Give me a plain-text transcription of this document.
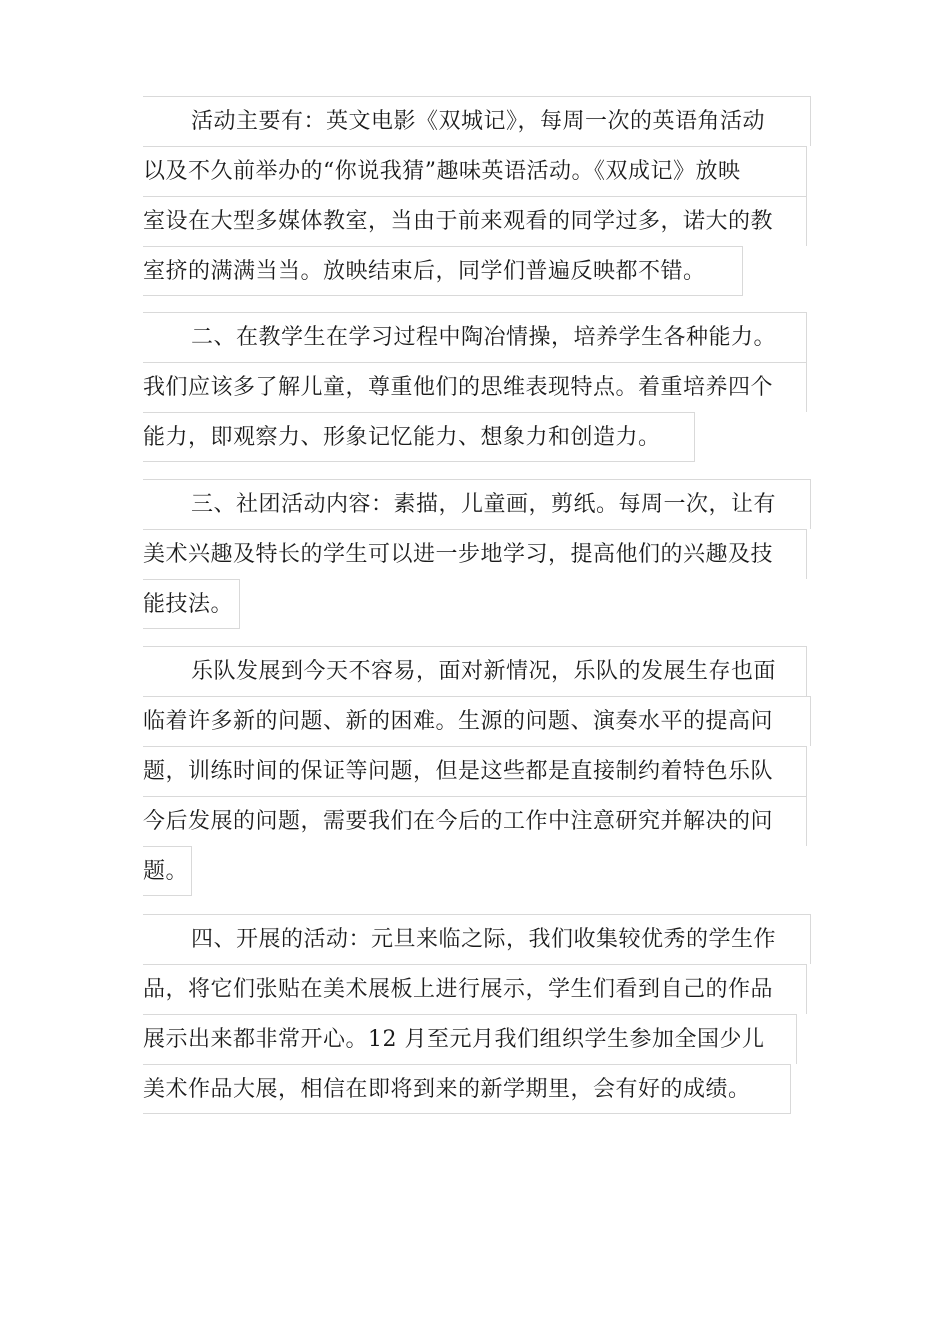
活动主要有：英文电影《双城记》，每周一次的英语角活动
以及不久前举办的“你说我猜”趣味英语活动。《双成记》放映
室设在大型多媒体教室，当由于前来观看的同学过多，诺大的教
室挤的满满当当。放映结束后，同学们普遍反映都不错。
二、在教学生在学习过程中陶冶情操，培养学生各种能力。
我们应该多了解儿童，尊重他们的思维表现特点。着重培养四个
能力，即观察力、形象记忆能力、想象力和创造力。
三、社团活动内容：素描，儿童画，剪纸。每周一次，让有
美术兴趣及特长的学生可以进一步地学习，提高他们的兴趣及技
能技法。
乐队发展到今天不容易，面对新情况，乐队的发展生存也面
临着许多新的问题、新的困难。生源的问题、演奏水平的提高问
题，训练时间的保证等问题，但是这些都是直接制约着特色乐队
今后发展的问题，需要我们在今后的工作中注意研究并解决的问
题。
四、开展的活动：元旦来临之际，我们收集较优秀的学生作
品，将它们张贴在美术展板上进行展示，学生们看到自己的作品
展示出来都非常开心。12 月至元月我们组织学生参加全国少儿
美术作品大展，相信在即将到来的新学期里，会有好的成绩。
